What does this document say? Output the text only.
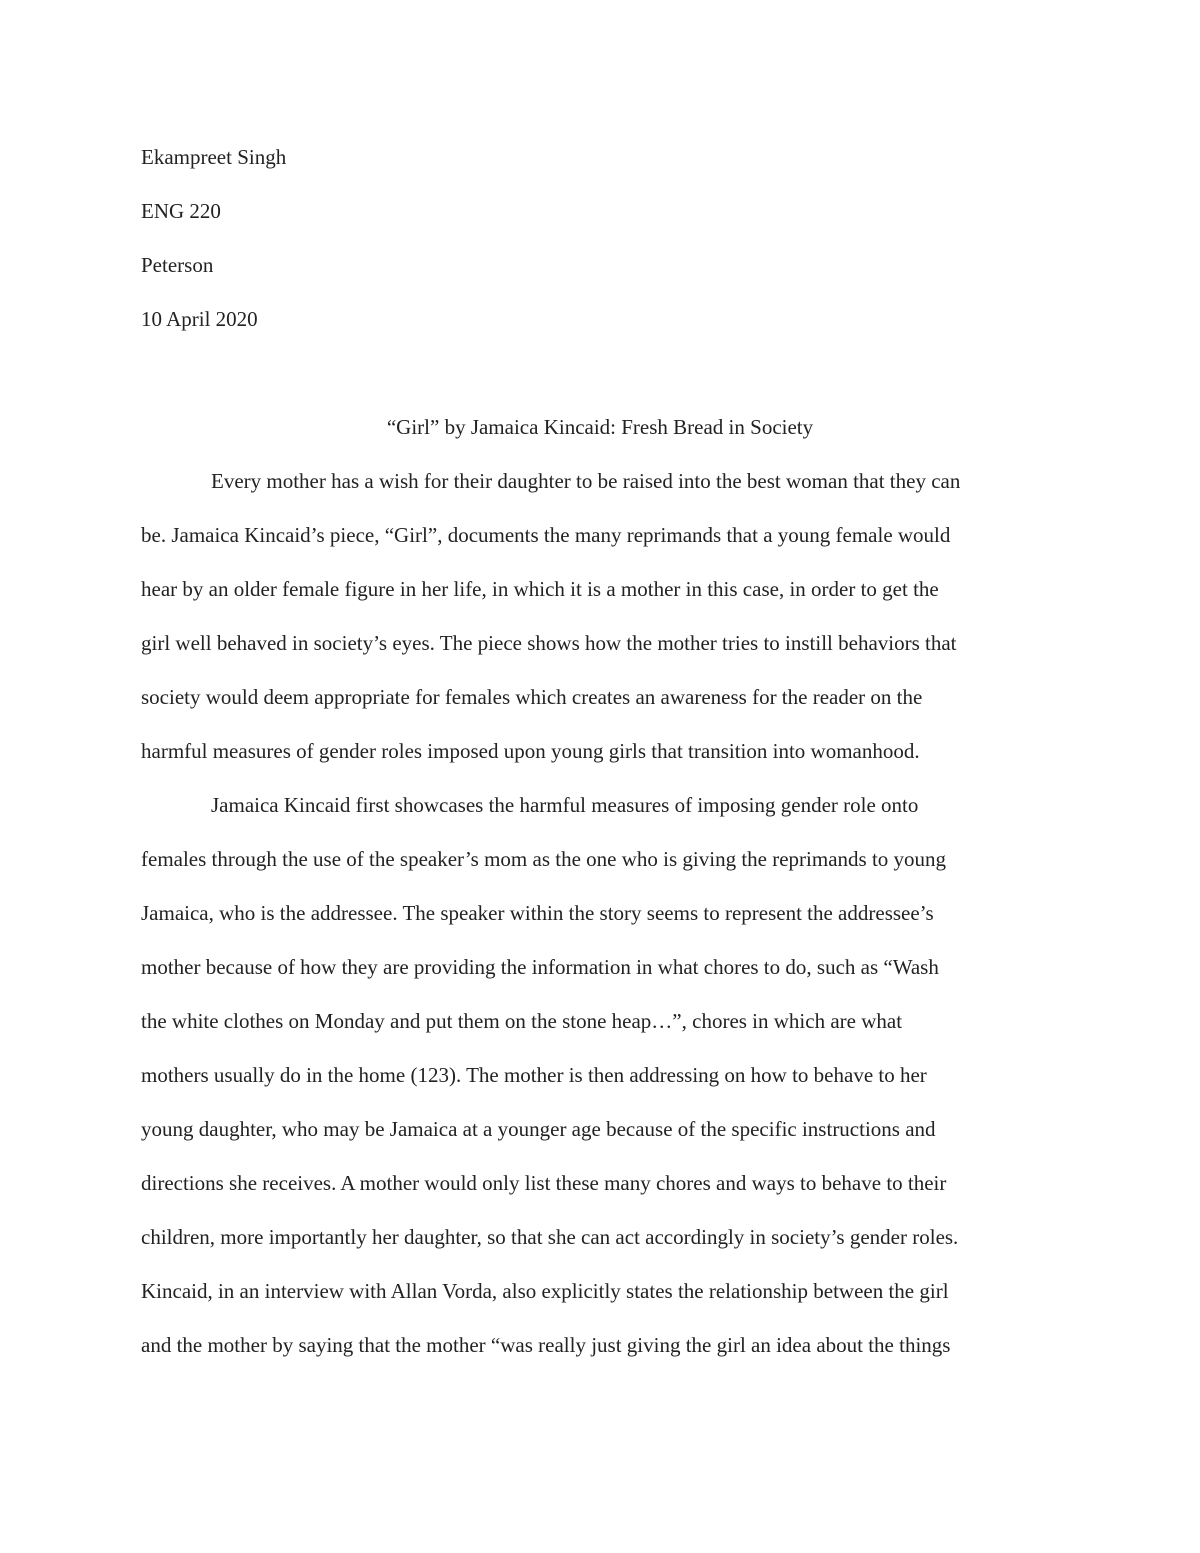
Ekampreet Singh
ENG 220
Peterson
10 April 2020
“Girl” by Jamaica Kincaid: Fresh Bread in Society
Every mother has a wish for their daughter to be raised into the best woman that they can
be. Jamaica Kincaid’s piece, “Girl”, documents the many reprimands that a young female would
hear by an older female figure in her life, in which it is a mother in this case, in order to get the
girl well behaved in society’s eyes. The piece shows how the mother tries to instill behaviors that
society would deem appropriate for females which creates an awareness for the reader on the
harmful measures of gender roles imposed upon young girls that transition into womanhood.
Jamaica Kincaid first showcases the harmful measures of imposing gender role onto
females through the use of the speaker’s mom as the one who is giving the reprimands to young
Jamaica, who is the addressee. The speaker within the story seems to represent the addressee’s
mother because of how they are providing the information in what chores to do, such as “Wash
the white clothes on Monday and put them on the stone heap…”, chores in which are what
mothers usually do in the home (123). The mother is then addressing on how to behave to her
young daughter, who may be Jamaica at a younger age because of the specific instructions and
directions she receives. A mother would only list these many chores and ways to behave to their
children, more importantly her daughter, so that she can act accordingly in society’s gender roles.
Kincaid, in an interview with Allan Vorda, also explicitly states the relationship between the girl
and the mother by saying that the mother “was really just giving the girl an idea about the things
